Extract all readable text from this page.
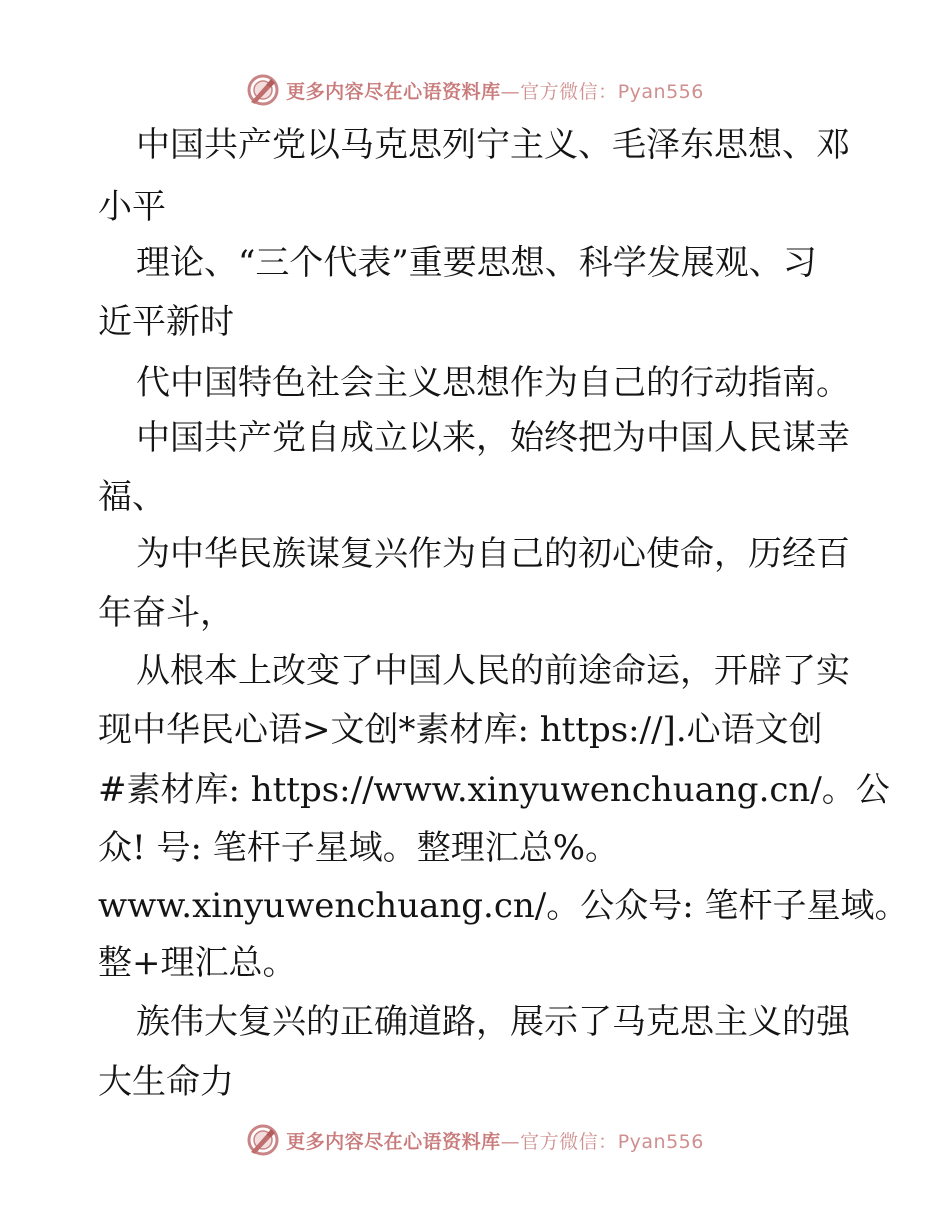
更多内容尽在心语资料库—官方微信：Pyan556
中国共产党以马克思列宁主义、毛泽东思想、邓
小平
理论、“三个代表”重要思想、科学发展观、习
近平新时
代中国特色社会主义思想作为自己的行动指南。
中国共产党自成立以来，始终把为中国人民谋幸
福、
为中华民族谋复兴作为自己的初心使命，历经百
年奋斗，
从根本上改变了中国人民的前途命运，开辟了实
现中华民心语>文创*素材库: https://].心语文创
#素材库: https://www.xinyuwenchuang.cn/。公
众! 号: 笔杆子星域。整理汇总%。
www.xinyuwenchuang.cn/。公众号: 笔杆子星域。
整+理汇总。
族伟大复兴的正确道路，展示了马克思主义的强
大生命力
更多内容尽在心语资料库—官方微信：Pyan556
